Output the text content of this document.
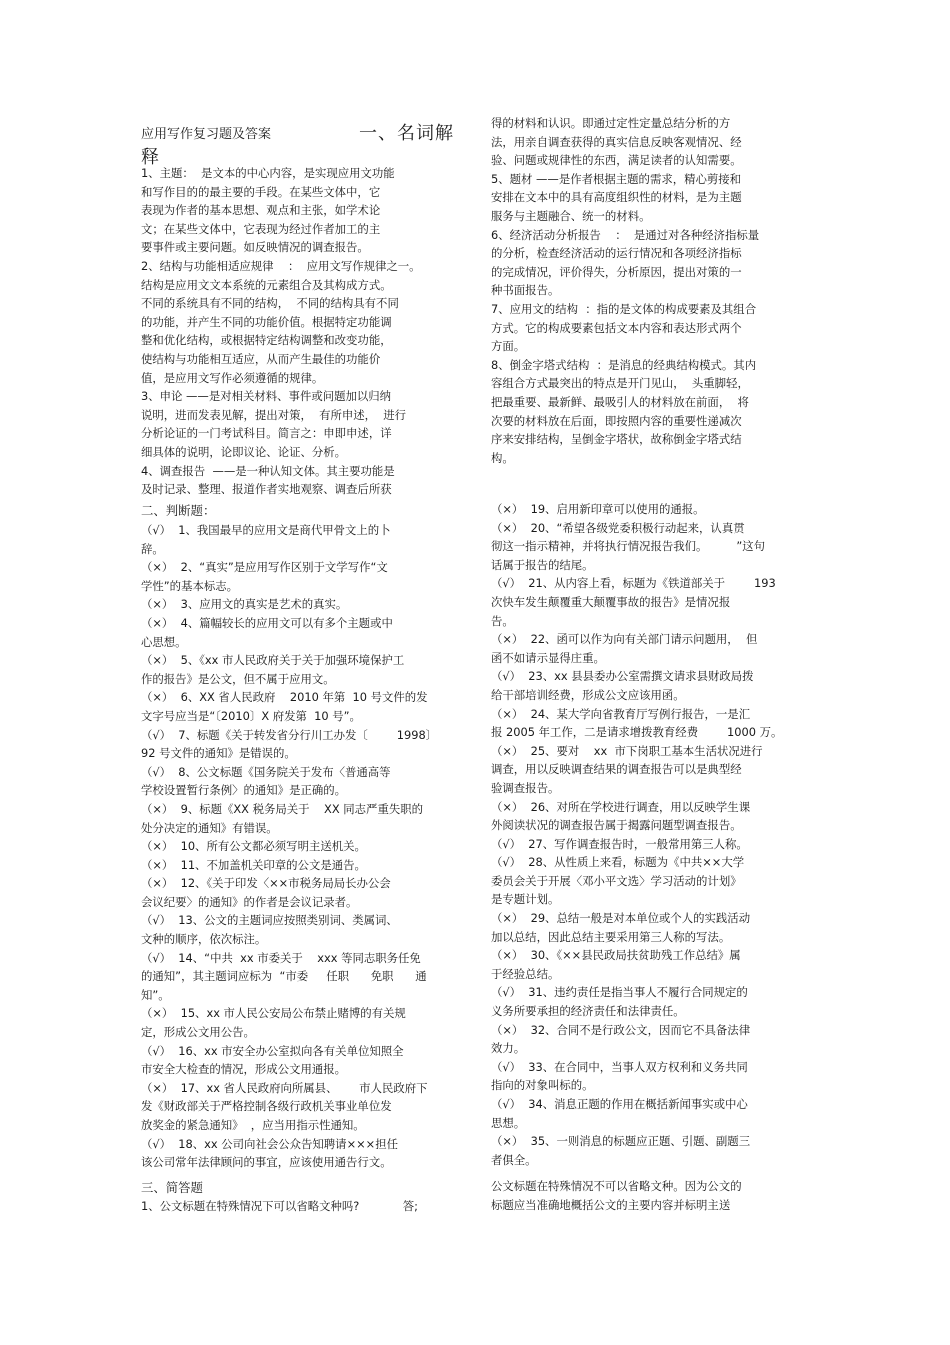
应用写作复习题及答案	一、名词解
释
1、主题：  是文本的中心内容，是实现应用文功能
和写作目的的最主要的手段。在某些文体中，它
表现为作者的基本思想、观点和主张，如学术论
文；在某些文体中，它表现为经过作者加工的主
要事件或主要问题。如反映情况的调查报告。
2、结构与功能相适应规律    ：  应用文写作规律之一。
结构是应用文文本系统的元素组合及其构成方式。
不同的系统具有不同的结构，  不同的结构具有不同
的功能，并产生不同的功能价值。根据特定功能调
整和优化结构，或根据特定结构调整和改变功能，
使结构与功能相互适应，从而产生最佳的功能价
值，是应用文写作必须遵循的规律。
3、申论 ——是对相关材料、事件或问题加以归纳
说明，进而发表见解，提出对策，  有所申述，  进行
分析论证的一门考试科目。简言之：申即申述，详
细具体的说明，论即议论、论证、分析。
4、调查报告  ——是一种认知文体。其主要功能是
及时记录、整理、报道作者实地观察、调查后所获
二、判断题：
（√）  1、我国最早的应用文是商代甲骨文上的卜
辞。
（×）  2、“真实”是应用写作区别于文学写作“文
学性”的基本标志。
（×）  3、应用文的真实是艺术的真实。
（×）  4、篇幅较长的应用文可以有多个主题或中
心思想。
（×）  5、《xx 市人民政府关于关于加强环境保护工
作的报告》是公文，但不属于应用文。
（×）  6、XX 省人民政府    2010 年第  10 号文件的发
文字号应当是“〔2010〕X 府发第  10 号”。
（√）  7、标题《关于转发省分行川工办发〔        1998〕
92 号文件的通知》是错误的。
（√）  8、公文标题《国务院关于发布〈普通高等
学校设置暂行条例〉的通知》是正确的。
（×）  9、标题《XX 税务局关于    XX 同志严重失职的
处分决定的通知》有错误。
（×）  10、所有公文都必须写明主送机关。
（×）  11、不加盖机关印章的公文是通告。
（×）  12、《关于印发〈××市税务局局长办公会
会议纪要〉的通知》的作者是会议记录者。
（√）  13、公文的主题词应按照类别词、类属词、
文种的顺序，依次标注。
（√）  14、“中共  xx 市委关于    xxx 等同志职务任免
的通知”，其主题词应标为  “市委     任职      免职      通
知”。
（×）  15、xx 市人民公安局公布禁止赌博的有关规
定，形成公文用公告。
（√）  16、xx 市安全办公室拟向各有关单位知照全
市安全大检查的情况，形成公文用通报。
（×）  17、xx 省人民政府向所属县、      市人民政府下
发《财政部关于严格控制各级行政机关事业单位发
放奖金的紧急通知》  ，应当用指示性通知。
（√）  18、xx 公司向社会公众告知聘请×××担任
该公司常年法律顾问的事宜，应该使用通告行文。
三、简答题
1、公文标题在特殊情况下可以省略文种吗?            答;
得的材料和认识。即通过定性定量总结分析的方
法，用亲自调查获得的真实信息反映客观情况、经
验、问题或规律性的东西，满足读者的认知需要。
5、题材 ——是作者根据主题的需求，精心剪接和
安排在文本中的具有高度组织性的材料，是为主题
服务与主题融合、统一的材料。
6、经济活动分析报告    ：  是通过对各种经济指标量
的分析，检查经济活动的运行情况和各项经济指标
的完成情况，评价得失，分析原因，提出对策的一
种书面报告。
7、应用文的结构  ：指的是文体的构成要素及其组合
方式。它的构成要素包括文本内容和表达形式两个
方面。
8、倒金字塔式结构  ：是消息的经典结构模式。其内
容组合方式最突出的特点是开门见山，  头重脚轻，
把最重要、最新鲜、最吸引人的材料放在前面，  将
次要的材料放在后面，即按照内容的重要性递减次
序来安排结构，呈倒金字塔状，故称倒金字塔式结
构。
（×）  19、启用新印章可以使用的通报。
（×）  20、“希望各级党委积极行动起来，认真贯
彻这一指示精神，并将执行情况报告我们。        ”这句
话属于报告的结尾。
（√）  21、从内容上看，标题为《铁道部关于        193
次快车发生颠覆重大颠覆事故的报告》是情况报
告。
（×）  22、函可以作为向有关部门请示问题用，  但
函不如请示显得庄重。
（√）  23、xx 县县委办公室需撰文请求县财政局拨
给干部培训经费，形成公文应该用函。
（×）  24、某大学向省教育厅写例行报告，一是汇
报 2005 年工作，二是请求增拨教育经费        1000 万。
（×）  25、要对    xx  市下岗职工基本生活状况进行
调查，用以反映调查结果的调查报告可以是典型经
验调查报告。
（×）  26、对所在学校进行调查，用以反映学生课
外阅读状况的调查报告属于揭露问题型调查报告。
（√）  27、写作调查报告时，一般常用第三人称。
（√）  28、从性质上来看，标题为《中共××大学
委员会关于开展〈邓小平文选〉学习活动的计划》
是专题计划。
（×）  29、总结一般是对本单位或个人的实践活动
加以总结，因此总结主要采用第三人称的写法。
（×）  30、《××县民政局扶贫助残工作总结》属
于经验总结。
（√）  31、违约责任是指当事人不履行合同规定的
义务所要承担的经济责任和法律责任。
（×）  32、合同不是行政公文，因而它不具备法律
效力。
（√）  33、在合同中，当事人双方权利和义务共同
指向的对象叫标的。
（√）  34、消息正题的作用在概括新闻事实或中心
思想。
（×）  35、一则消息的标题应正题、引题、副题三
者俱全。
公文标题在特殊情况不可以省略文种。因为公文的
标题应当准确地概括公文的主要内容并标明主送
